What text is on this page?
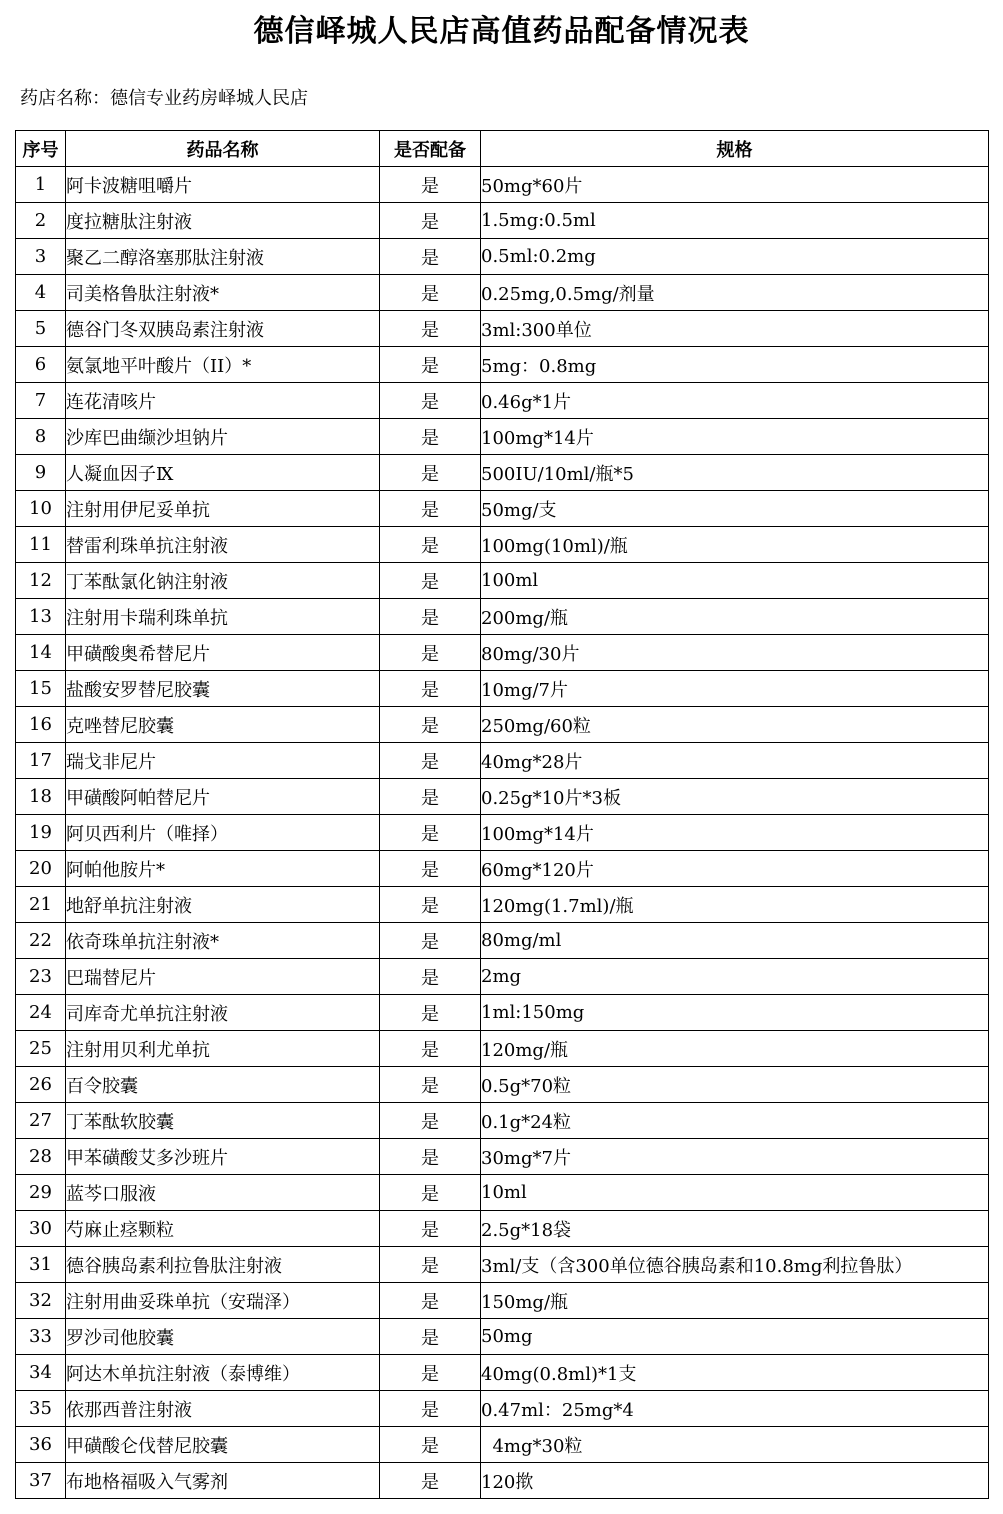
德信峄城人民店高值药品配备情况表
药店名称：德信专业药房峄城人民店
序号	药品名称	是否配备	规格
1	阿卡波糖咀嚼片	是	50mg*60片
2	度拉糖肽注射液	是	1.5mg:0.5ml
3	聚乙二醇洛塞那肽注射液	是	0.5ml:0.2mg
4	司美格鲁肽注射液*	是	0.25mg,0.5mg/剂量
5	德谷门冬双胰岛素注射液	是	3ml:300单位
6	氨氯地平叶酸片（II）*	是	5mg：0.8mg
7	连花清咳片	是	0.46g*1片
8	沙库巴曲缬沙坦钠片	是	100mg*14片
9	人凝血因子Ⅸ	是	500IU/10ml/瓶*5
10	注射用伊尼妥单抗	是	50mg/支
11	替雷利珠单抗注射液	是	100mg(10ml)/瓶
12	丁苯酞氯化钠注射液	是	100ml
13	注射用卡瑞利珠单抗	是	200mg/瓶
14	甲磺酸奥希替尼片	是	80mg/30片
15	盐酸安罗替尼胶囊	是	10mg/7片
16	克唑替尼胶囊	是	250mg/60粒
17	瑞戈非尼片	是	40mg*28片
18	甲磺酸阿帕替尼片	是	0.25g*10片*3板
19	阿贝西利片（唯择）	是	100mg*14片
20	阿帕他胺片*	是	60mg*120片
21	地舒单抗注射液	是	120mg(1.7ml)/瓶
22	依奇珠单抗注射液*	是	80mg/ml
23	巴瑞替尼片	是	2mg
24	司库奇尤单抗注射液	是	1ml:150mg
25	注射用贝利尤单抗	是	120mg/瓶
26	百令胶囊	是	0.5g*70粒
27	丁苯酞软胶囊	是	0.1g*24粒
28	甲苯磺酸艾多沙班片	是	30mg*7片
29	蓝芩口服液	是	10ml
30	芍麻止痉颗粒	是	2.5g*18袋
31	德谷胰岛素利拉鲁肽注射液	是	3ml/支（含300单位德谷胰岛素和10.8mg利拉鲁肽）
32	注射用曲妥珠单抗（安瑞泽）	是	150mg/瓶
33	罗沙司他胶囊	是	50mg
34	阿达木单抗注射液（泰博维）	是	40mg(0.8ml)*1支
35	依那西普注射液	是	0.47ml：25mg*4
36	甲磺酸仑伐替尼胶囊	是	4mg*30粒
37	布地格福吸入气雾剂	是	120揿
